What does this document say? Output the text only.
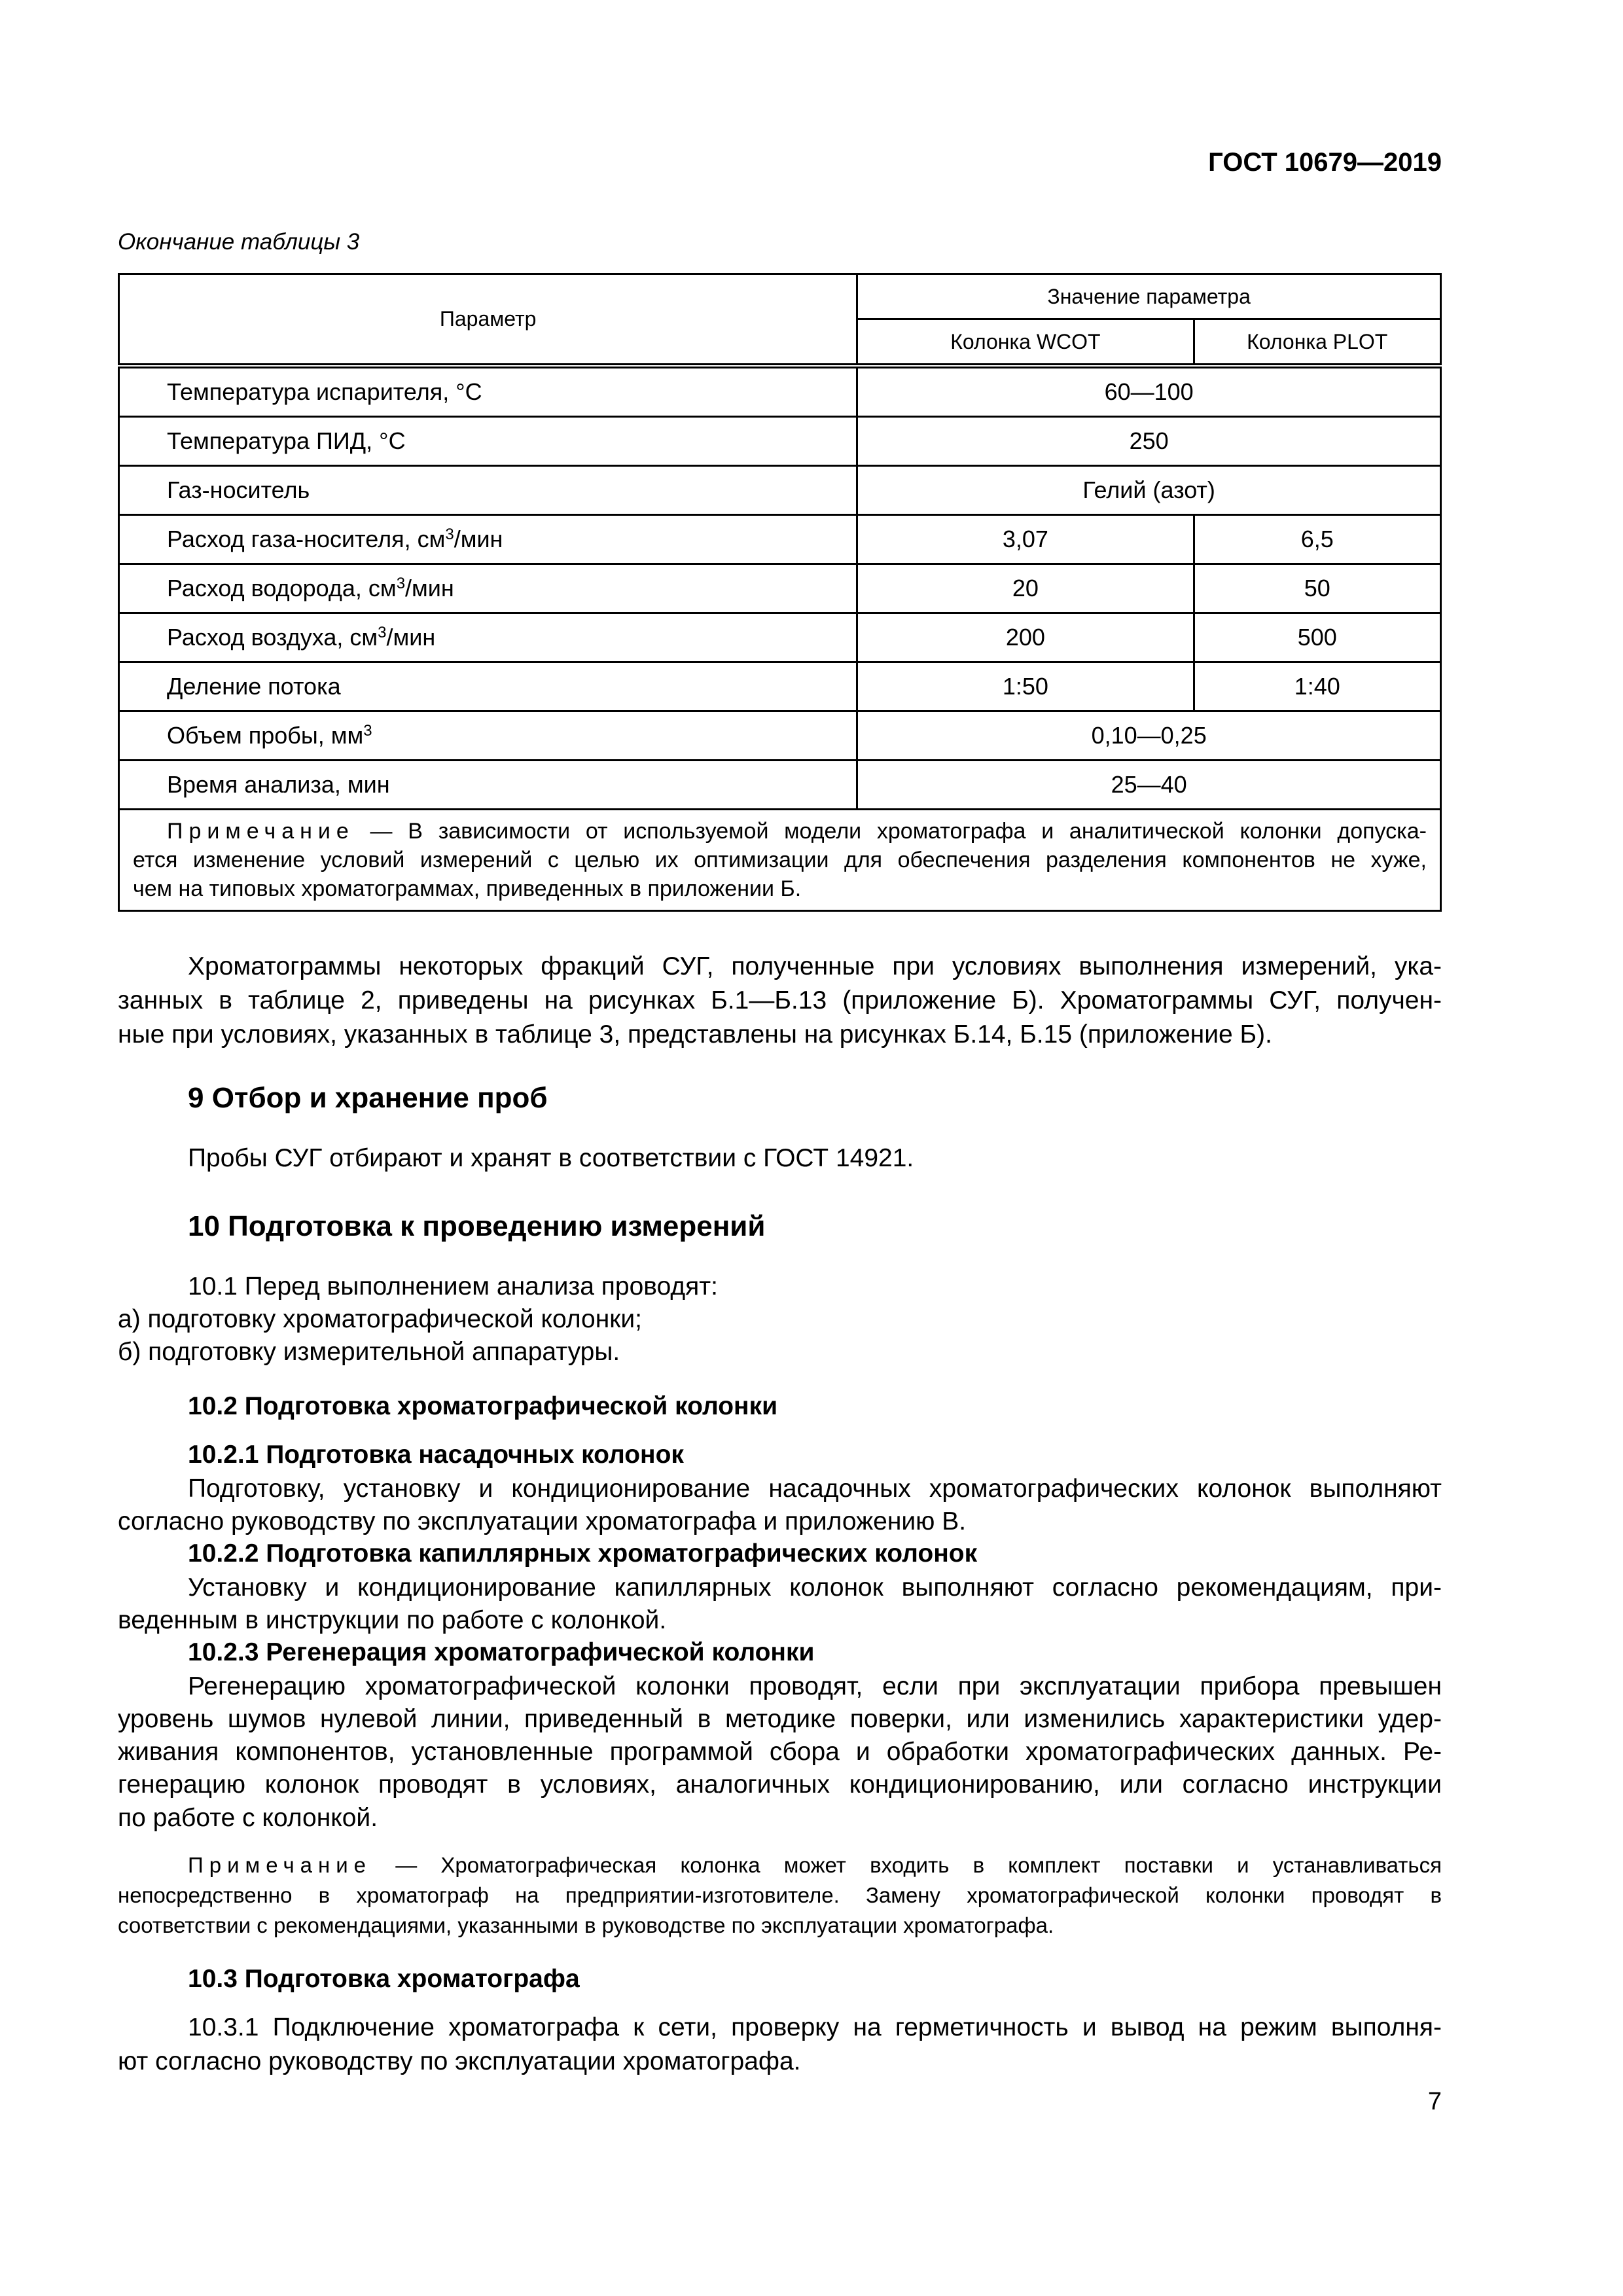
ГОСТ 10679—2019
Окончание таблицы 3
Параметр	Значение параметра	
	Колонка WCOT	Колонка PLOT
Температура испарителя, °С	60—100	
Температура ПИД, °С	250	
Газ-носитель	Гелий (азот)	
Расход газа-носителя, $см^3$/мин	3,07	6,5
Расход водорода, $см^3$/мин	20	50
Расход воздуха, $см^3$/мин	200	500
Деление потока	1:50	1:40
Объем пробы, $мм^3$	0,10—0,25	
Время анализа, мин	25—40	

Примечание — В зависимости от используемой модели хроматографа и аналитической колонки допуска-
ется изменение условий измерений с целью их оптимизации для обеспечения разделения компонентов не хуже,
чем на типовых хроматограммах, приведенных в приложении Б.		
Хроматограммы некоторых фракций СУГ, полученные при условиях выполнения измерений, ука-
занных в таблице 2, приведены на рисунках Б.1—Б.13 (приложение Б). Хроматограммы СУГ, получен-
ные при условиях, указанных в таблице 3, представлены на рисунках Б.14, Б.15 (приложение Б).
9 Отбор и хранение проб
Пробы СУГ отбирают и хранят в соответствии с ГОСТ 14921.
10 Подготовка к проведению измерений
10.1 Перед выполнением анализа проводят:
а) подготовку хроматографической колонки;
б) подготовку измерительной аппаратуры.
10.2 Подготовка хроматографической колонки
10.2.1 Подготовка насадочных колонок
Подготовку, установку и кондиционирование насадочных хроматографических колонок выполняют
согласно руководству по эксплуатации хроматографа и приложению В.
10.2.2 Подготовка капиллярных хроматографических колонок
Установку и кондиционирование капиллярных колонок выполняют согласно рекомендациям, при-
веденным в инструкции по работе с колонкой.
10.2.3 Регенерация хроматографической колонки
Регенерацию хроматографической колонки проводят, если при эксплуатации прибора превышен
уровень шумов нулевой линии, приведенный в методике поверки, или изменились характеристики удер-
живания компонентов, установленные программой сбора и обработки хроматографических данных. Ре-
генерацию колонок проводят в условиях, аналогичных кондиционированию, или согласно инструкции
по работе с колонкой.
Примечание — Хроматографическая колонка может входить в комплект поставки и устанавливаться
непосредственно в хроматограф на предприятии-изготовителе. Замену хроматографической колонки проводят в
соответствии с рекомендациями, указанными в руководстве по эксплуатации хроматографа.
10.3 Подготовка хроматографа
10.3.1 Подключение хроматографа к сети, проверку на герметичность и вывод на режим выполня-
ют согласно руководству по эксплуатации хроматографа.
7
